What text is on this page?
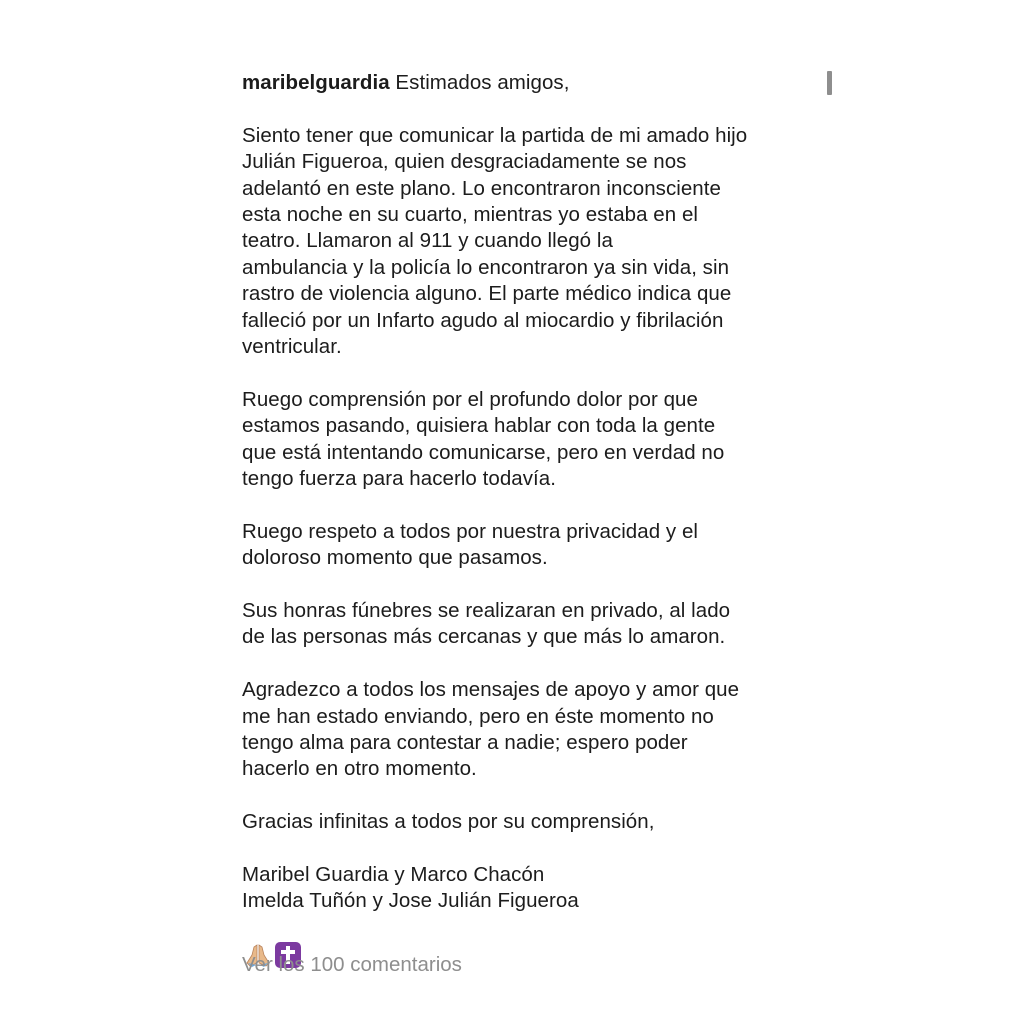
maribelguardia Estimados amigos,

Siento tener que comunicar la partida de mi amado hijo
Julián Figueroa, quien desgraciadamente se nos
adelantó en este plano. Lo encontraron inconsciente
esta noche en su cuarto, mientras yo estaba en el
teatro. Llamaron al 911 y cuando llegó la
ambulancia y la policía lo encontraron ya sin vida, sin
rastro de violencia alguno. El parte médico indica que
falleció por un Infarto agudo al miocardio y fibrilación
ventricular.

Ruego comprensión por el profundo dolor por que
estamos pasando, quisiera hablar con toda la gente
que está intentando comunicarse, pero en verdad no
tengo fuerza para hacerlo todavía.

Ruego respeto a todos por nuestra privacidad y el
doloroso momento que pasamos.

Sus honras fúnebres se realizaran en privado, al lado
de las personas más cercanas y que más lo amaron.

Agradezco a todos los mensajes de apoyo y amor que
me han estado enviando, pero en éste momento no
tengo alma para contestar a nadie; espero poder
hacerlo en otro momento.

Gracias infinitas a todos por su comprensión,

Maribel Guardia y Marco Chacón

Imelda Tuñón y Jose Julián Figueroa

Ver los 100 comentarios
